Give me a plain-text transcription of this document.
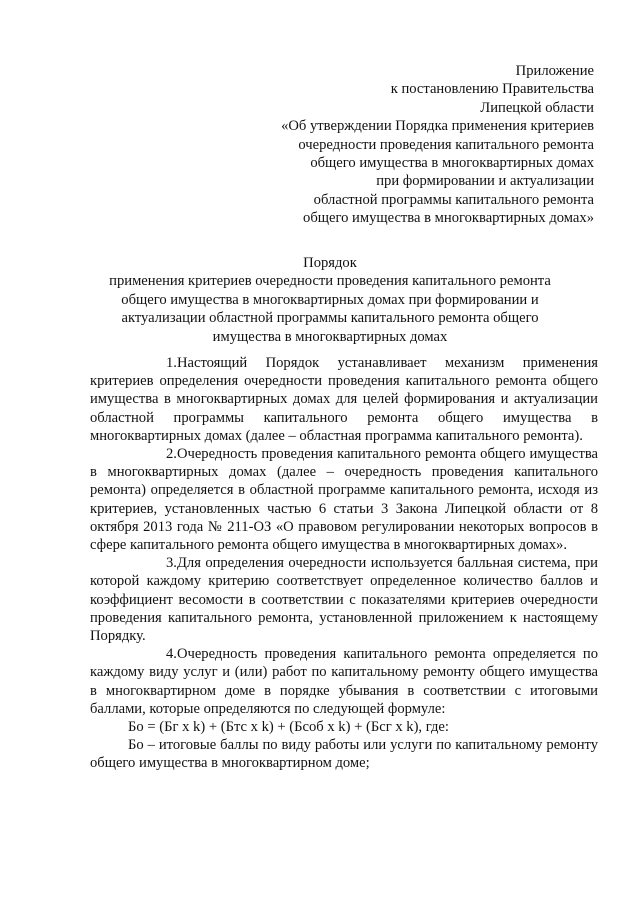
Приложение
к постановлению Правительства
Липецкой области
«Об утверждении Порядка применения критериев
очередности проведения капитального ремонта
общего имущества в многоквартирных домах
при формировании и актуализации
областной программы капитального ремонта
общего имущества в многоквартирных домах»
Порядок
применения критериев очередности проведения капитального ремонта
общего имущества в многоквартирных домах при формировании и
актуализации областной программы капитального ремонта общего
имущества в многоквартирных домах

1.Настоящий Порядок устанавливает механизм применения критериев определения очередности проведения капитального ремонта общего имущества в многоквартирных домах для целей формирования и актуализации областной программы капитального ремонта общего имущества в многоквартирных домах (далее – областная программа капитального ремонта).

2.Очередность проведения капитального ремонта общего имущества в многоквартирных домах (далее – очередность проведения капитального ремонта) определяется в областной программе капитального ремонта, исходя из критериев, установленных частью 6 статьи 3 Закона Липецкой области от 8 октября 2013 года № 211-ОЗ «О правовом регулировании некоторых вопросов в сфере капитального ремонта общего имущества в многоквартирных домах».

3.Для определения очередности используется балльная система, при которой каждому критерию соответствует определенное количество баллов и коэффициент весомости в соответствии с показателями критериев очередности проведения капитального ремонта, установленной приложением к настоящему Порядку.

4.Очередность проведения капитального ремонта определяется по каждому виду услуг и (или) работ по капитальному ремонту общего имущества в многоквартирном доме в порядке убывания в соответствии с итоговыми баллами, которые определяются по следующей формуле:

Бо = (Бг х k) + (Бтс х k) + (Бсоб х k) + (Бсг х k), где:

Бо – итоговые баллы по виду работы или услуги по капитальному ремонту общего имущества в многоквартирном доме;
